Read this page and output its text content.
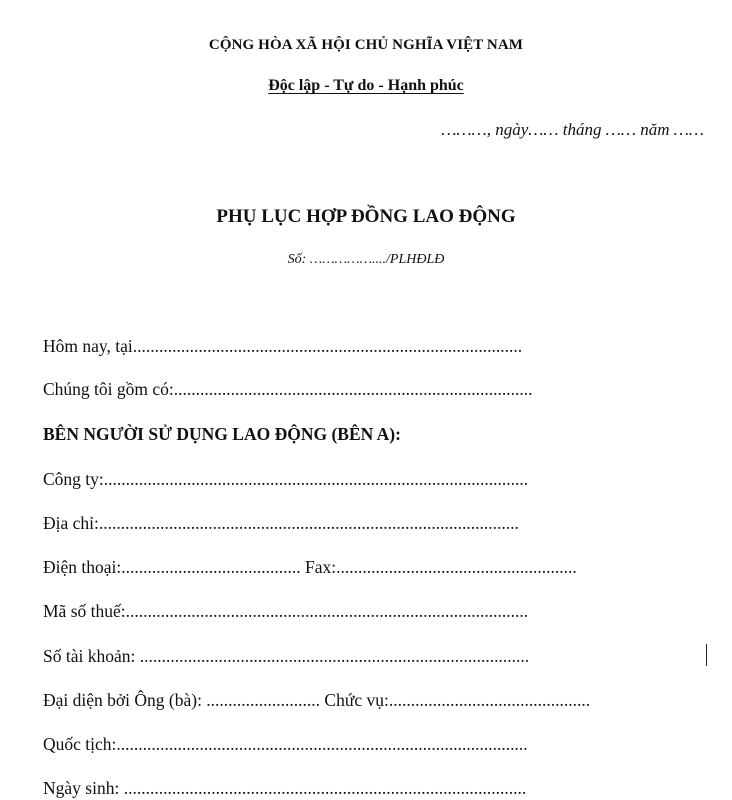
CỘNG HÒA XÃ HỘI CHỦ NGHĨA VIỆT NAM
Độc lập - Tự do - Hạnh phúc
………, ngày…… tháng …… năm ……
PHỤ LỤC HỢP ĐỒNG LAO ĐỘNG
Số: ……………..../PLHĐLĐ
Hôm nay, tại.........................................................................................
Chúng tôi gồm có:..................................................................................
BÊN NGƯỜI SỬ DỤNG LAO ĐỘNG (BÊN A):
Công ty:.................................................................................................
Địa chỉ:................................................................................................
Điện thoại:......................................... Fax:.......................................................
Mã số thuế:............................................................................................
Số tài khoản: .........................................................................................
Đại diện bởi Ông (bà): .......................... Chức vụ:..............................................
Quốc tịch:..............................................................................................
Ngày sinh: ............................................................................................
